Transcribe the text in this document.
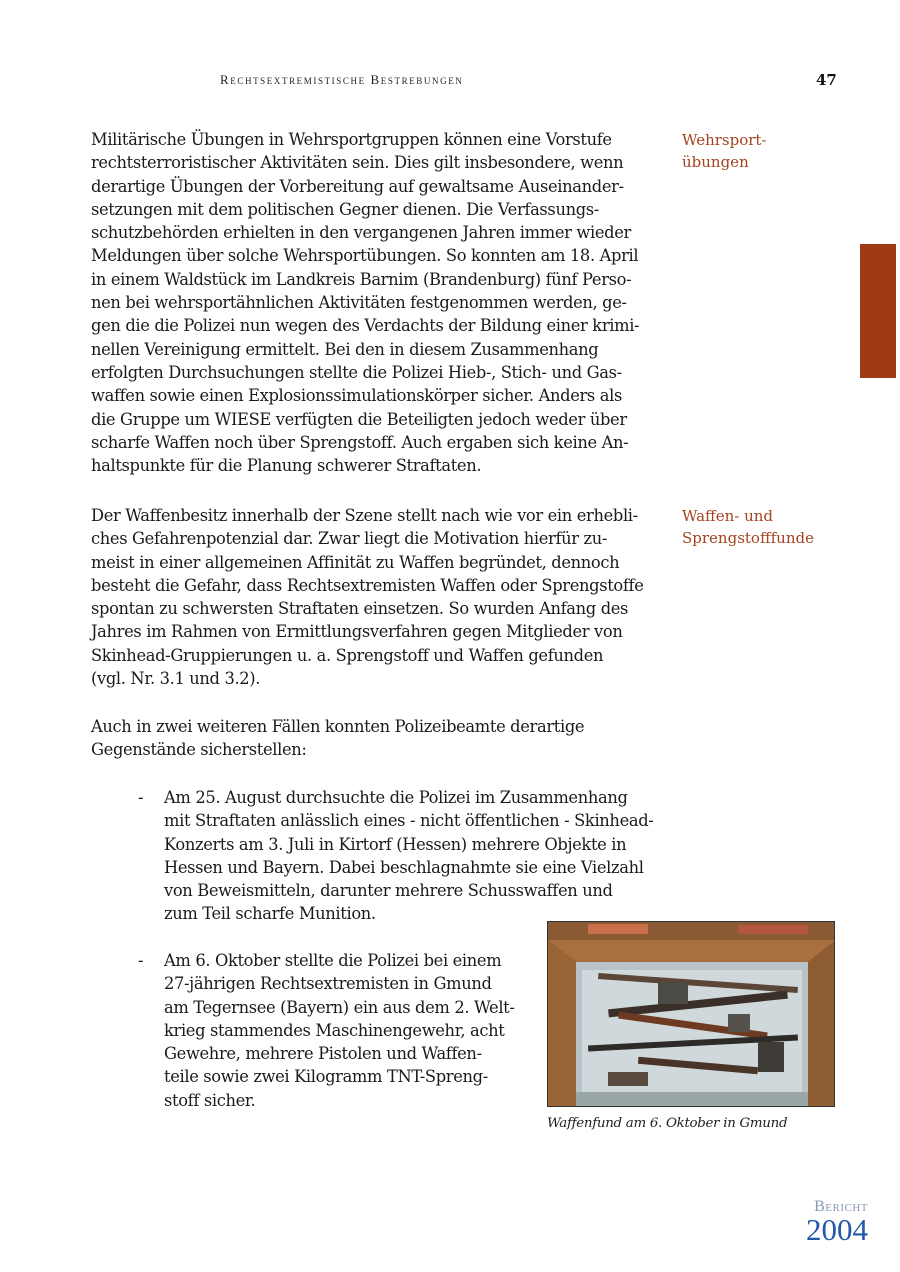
Rechtsextremistische Bestrebungen	47
Militärische Übungen in Wehrsportgruppen können eine Vorstufe
rechtsterroristischer Aktivitäten sein. Dies gilt insbesondere, wenn
derartige Übungen der Vorbereitung auf gewaltsame Auseinander-
setzungen mit dem politischen Gegner dienen. Die Verfassungs-
schutzbehörden erhielten in den vergangenen Jahren immer wieder
Meldungen über solche Wehrsportübungen. So konnten am 18. April
in einem Waldstück im Landkreis Barnim (Brandenburg) fünf Perso-
nen bei wehrsportähnlichen Aktivitäten festgenommen werden, ge-
gen die die Polizei nun wegen des Verdachts der Bildung einer krimi-
nellen Vereinigung ermittelt. Bei den in diesem Zusammenhang
erfolgten Durchsuchungen stellte die Polizei Hieb-, Stich- und Gas-
waffen sowie einen Explosionssimulationskörper sicher. Anders als
die Gruppe um WIESE verfügten die Beteiligten jedoch weder über
scharfe Waffen noch über Sprengstoff. Auch ergaben sich keine An-
haltspunkte für die Planung schwerer Straftaten.
Wehrsport-
übungen
Der Waffenbesitz innerhalb der Szene stellt nach wie vor ein erhebli-
ches Gefahrenpotenzial dar. Zwar liegt die Motivation hierfür zu-
meist in einer allgemeinen Affinität zu Waffen begründet, dennoch
besteht die Gefahr, dass Rechtsextremisten Waffen oder Sprengstoffe
spontan zu schwersten Straftaten einsetzen. So wurden Anfang des
Jahres im Rahmen von Ermittlungsverfahren gegen Mitglieder von
Skinhead-Gruppierungen u. a. Sprengstoff und Waffen gefunden
(vgl. Nr. 3.1 und 3.2).
Waffen- und
Sprengstofffunde
Auch in zwei weiteren Fällen konnten Polizeibeamte derartige
Gegenstände sicherstellen:
- Am 25. August durchsuchte die Polizei im Zusammenhang
mit Straftaten anlässlich eines - nicht öffentlichen - Skinhead-
Konzerts am 3. Juli in Kirtorf (Hessen) mehrere Objekte in
Hessen und Bayern. Dabei beschlagnahmte sie eine Vielzahl
von Beweismitteln, darunter mehrere Schusswaffen und
zum Teil scharfe Munition.
- Am 6. Oktober stellte die Polizei bei einem
27-jährigen Rechtsextremisten in Gmund
am Tegernsee (Bayern) ein aus dem 2. Welt-
krieg stammendes Maschinengewehr, acht
Gewehre, mehrere Pistolen und Waffen-
teile sowie zwei Kilogramm TNT-Spreng-
stoff sicher.
Waffenfund am 6. Oktober in Gmund
Bericht
2004
